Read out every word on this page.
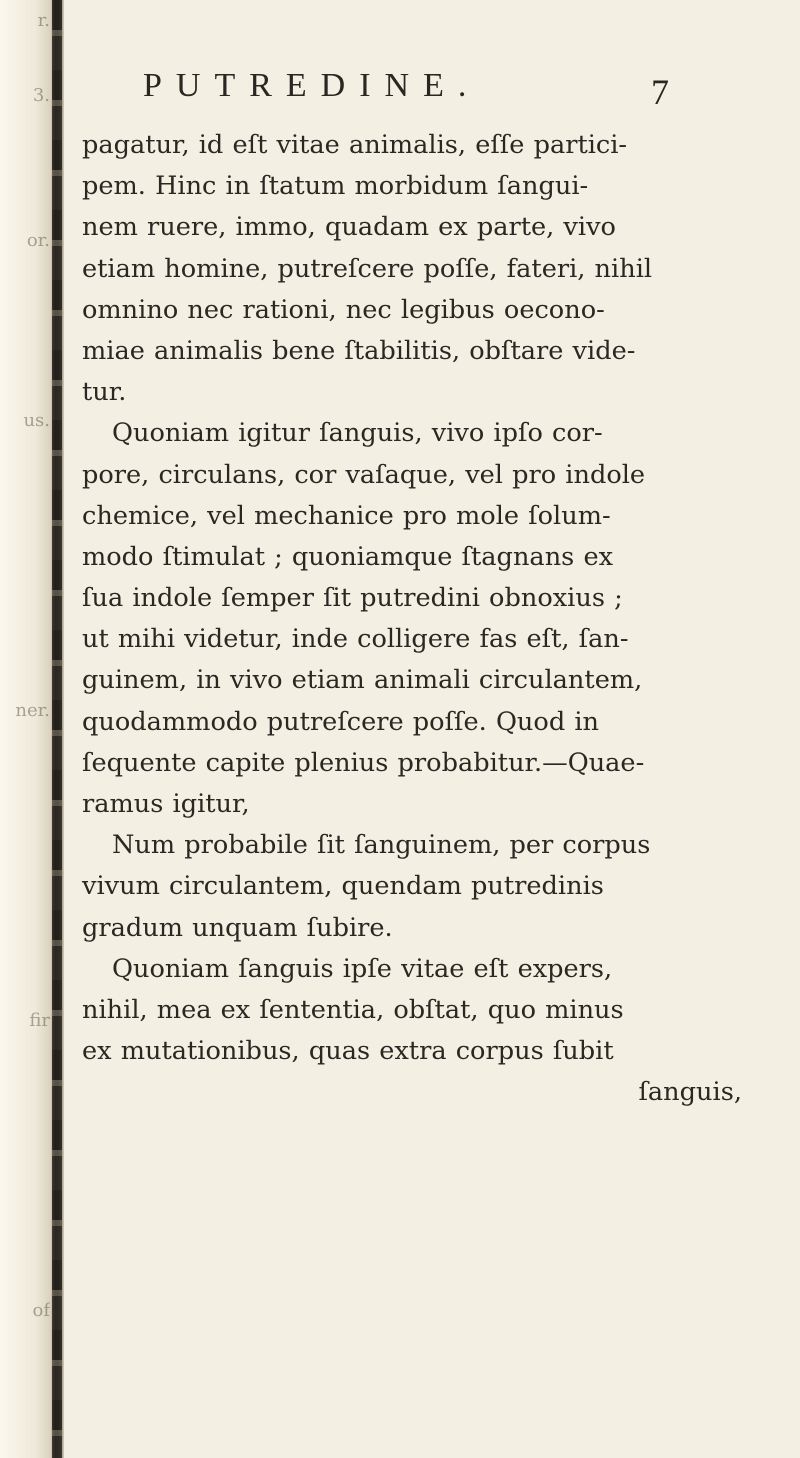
r.
3.
or.
us.
ner.
fir
of
PUTREDINE.	7
pagatur, id eſt vitae animalis, eſſe partici-
pem. Hinc in ſtatum morbidum ſangui-
nem ruere, immo, quadam ex parte, vivo
etiam homine, putreſcere poſſe, fateri, nihil
omnino nec rationi, nec legibus oecono-
miae animalis bene ſtabilitis, obſtare vide-
tur.
Quoniam igitur ſanguis, vivo ipſo cor-
pore, circulans, cor vaſaque, vel pro indole
chemice, vel mechanice pro mole ſolum-
modo ſtimulat ; quoniamque ſtagnans ex
ſua indole ſemper ſit putredini obnoxius ;
ut mihi videtur, inde colligere fas eſt, ſan-
guinem, in vivo etiam animali circulantem,
quodammodo putreſcere poſſe. Quod in
ſequente capite plenius probabitur.—Quae-
ramus igitur,
Num probabile ſit ſanguinem, per corpus
vivum circulantem, quendam putredinis
gradum unquam ſubire.
Quoniam ſanguis ipſe vitae eſt expers,
nihil, mea ex ſententia, obſtat, quo minus
ex mutationibus, quas extra corpus ſubit
ſanguis,
